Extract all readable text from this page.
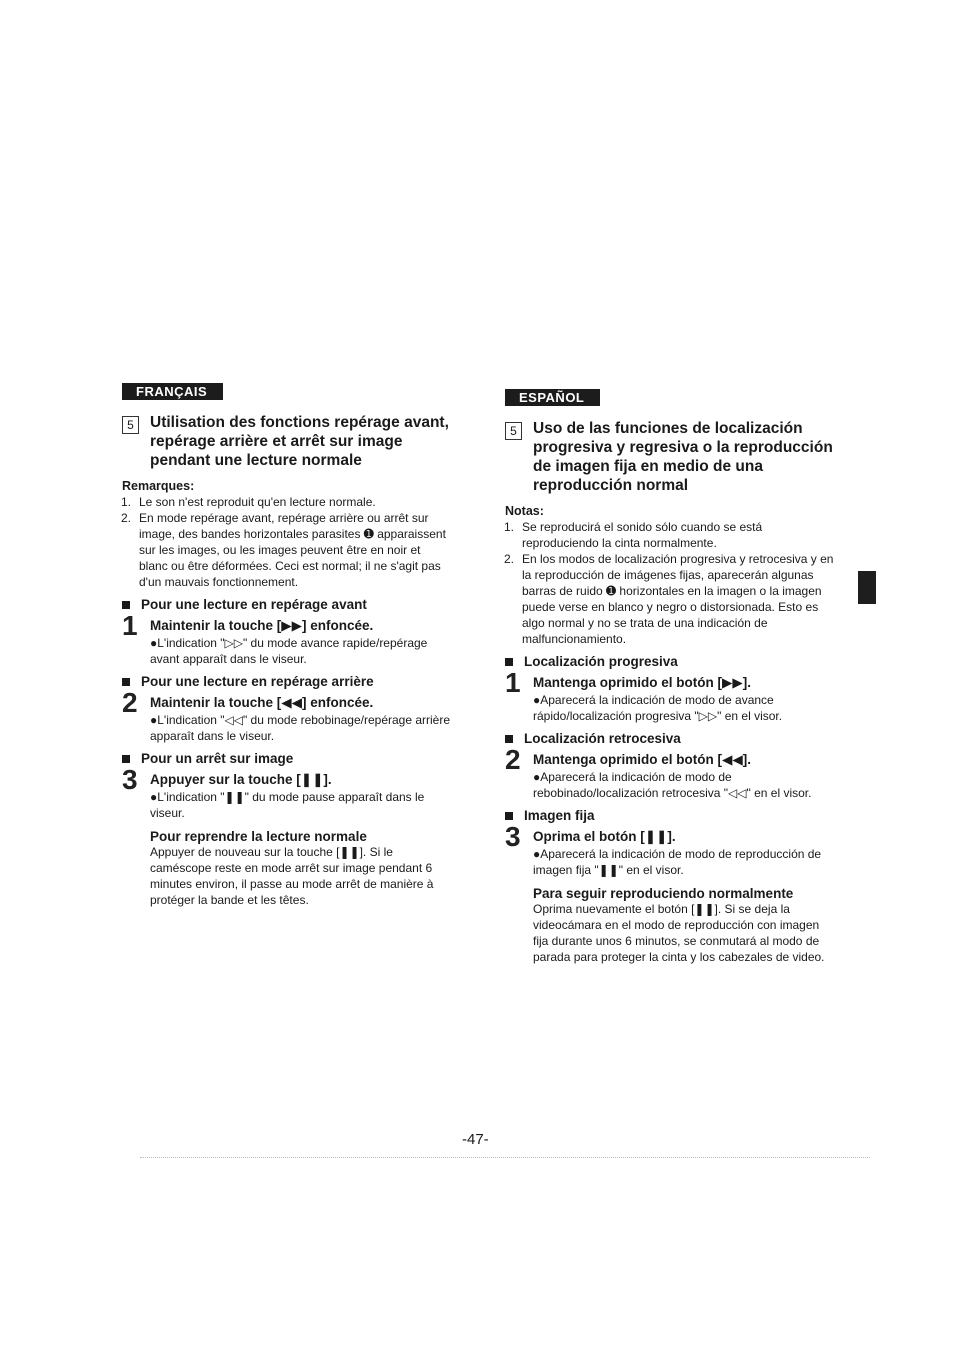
FRANÇAIS
5	Utilisation des fonctions repérage avant, repérage arrière et arrêt sur image pendant une lecture normale
Remarques:
1. Le son n'est reproduit qu'en lecture normale.
2. En mode repérage avant, repérage arrière ou arrêt sur image, des bandes horizontales parasites ➊ apparaissent sur les images, ou les images peuvent être en noir et blanc ou être déformées. Ceci est normal; il ne s'agit pas d'un mauvais fonctionnement.
Pour une lecture en repérage avant
1 Maintenir la touche [▶▶] enfoncée.
●L'indication "▷▷" du mode avance rapide/repérage avant apparaît dans le viseur.
Pour une lecture en repérage arrière
2 Maintenir la touche [◀◀] enfoncée.
●L'indication "◁◁" du mode rebobinage/repérage arrière apparaît dans le viseur.
Pour un arrêt sur image
3 Appuyer sur la touche [❚❚].
●L'indication "❚❚" du mode pause apparaît dans le viseur.
Pour reprendre la lecture normale
Appuyer de nouveau sur la touche [❚❚]. Si le caméscope reste en mode arrêt sur image pendant 6 minutes environ, il passe au mode arrêt de manière à protéger la bande et les têtes.
ESPAÑOL
5	Uso de las funciones de localización progresiva y regresiva o la reproducción de imagen fija en medio de una reproducción normal
Notas:
1. Se reproducirá el sonido sólo cuando se está reproduciendo la cinta normalmente.
2. En los modos de localización progresiva y retrocesiva y en la reproducción de imágenes fijas, aparecerán algunas barras de ruido ➊ horizontales en la imagen o la imagen puede verse en blanco y negro o distorsionada. Esto es algo normal y no se trata de una indicación de malfuncionamiento.
Localización progresiva
1 Mantenga oprimido el botón [▶▶].
●Aparecerá la indicación de modo de avance rápido/localización progresiva "▷▷" en el visor.
Localización retrocesiva
2 Mantenga oprimido el botón [◀◀].
●Aparecerá la indicación de modo de rebobinado/localización retrocesiva "◁◁" en el visor.
Imagen fija
3 Oprima el botón [❚❚].
●Aparecerá la indicación de modo de reproducción de imagen fija "❚❚" en el visor.
Para seguir reproduciendo normalmente
Oprima nuevamente el botón [❚❚]. Si se deja la videocámara en el modo de reproducción con imagen fija durante unos 6 minutos, se conmutará al modo de parada para proteger la cinta y los cabezales de video.
-47-
